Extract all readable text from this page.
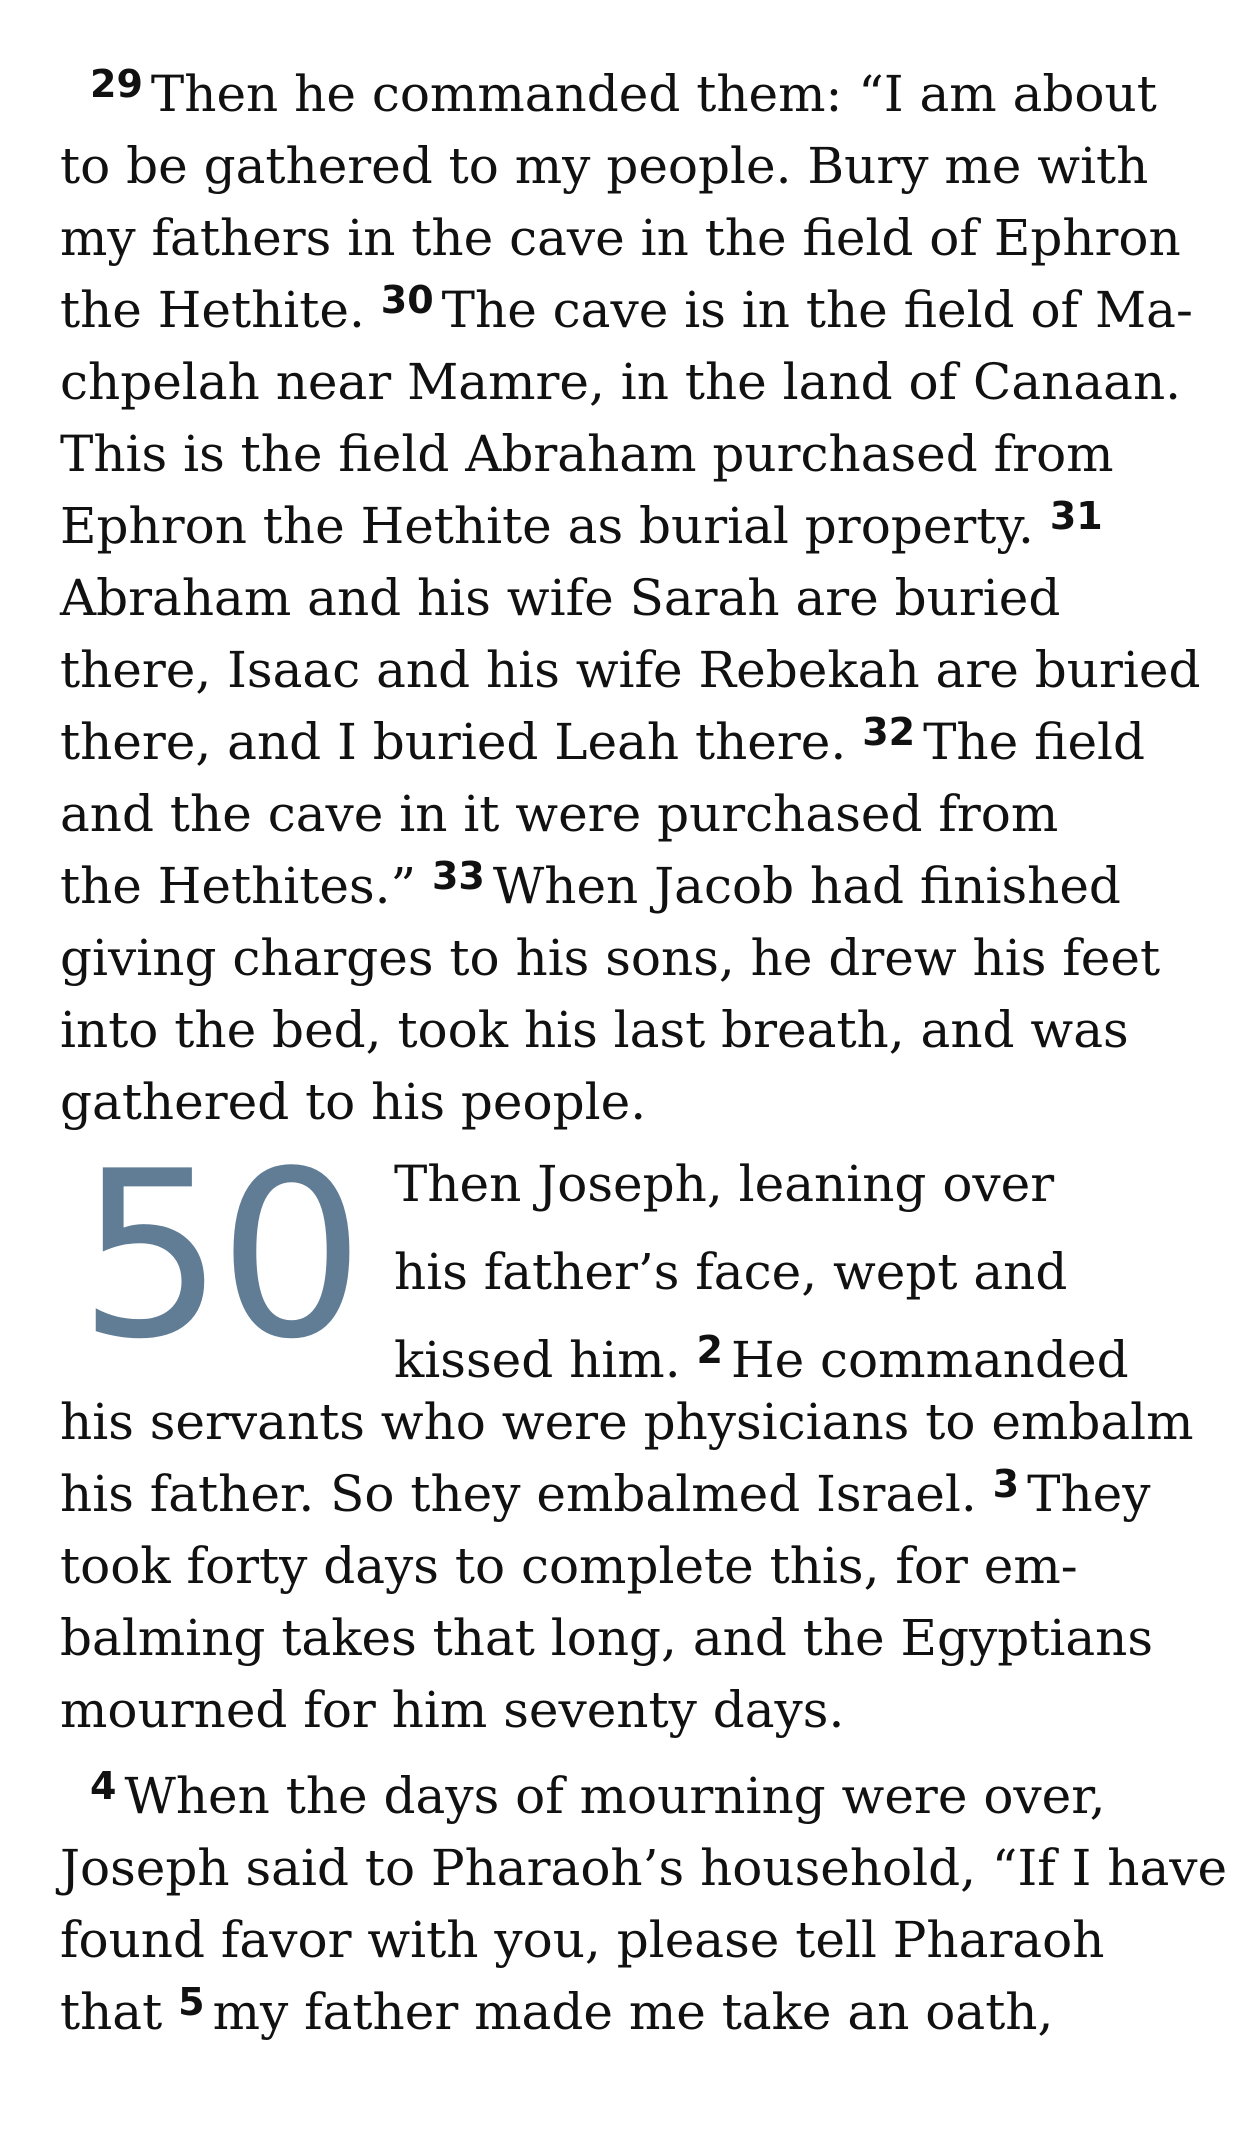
$^{29}$ Then he commanded them: “I am about
to be gathered to my people. Bury me with
my fathers in the cave in the field of Ephron
the Hethite. $^{30}$ The cave is in the field of Ma-
chpelah near Mamre, in the land of Canaan.
This is the field Abraham purchased from
Ephron the Hethite as burial property. $^{31}$
Abraham and his wife Sarah are buried
there, Isaac and his wife Rebekah are buried
there, and I buried Leah there. $^{32}$ The field
and the cave in it were purchased from
the Hethites.” $^{33}$ When Jacob had finished
giving charges to his sons, he drew his feet
into the bed, took his last breath, and was
gathered to his people.
50 Then Joseph, leaning over
his father’s face, wept and
kissed him. $^2$ He commanded
his servants who were physicians to embalm
his father. So they embalmed Israel. $^3$ They
took forty days to complete this, for em-
balming takes that long, and the Egyptians
mourned for him seventy days.
$^4$ When the days of mourning were over,
Joseph said to Pharaoh’s household, “If I have
found favor with you, please tell Pharaoh
that $^5$ my father made me take an oath,
